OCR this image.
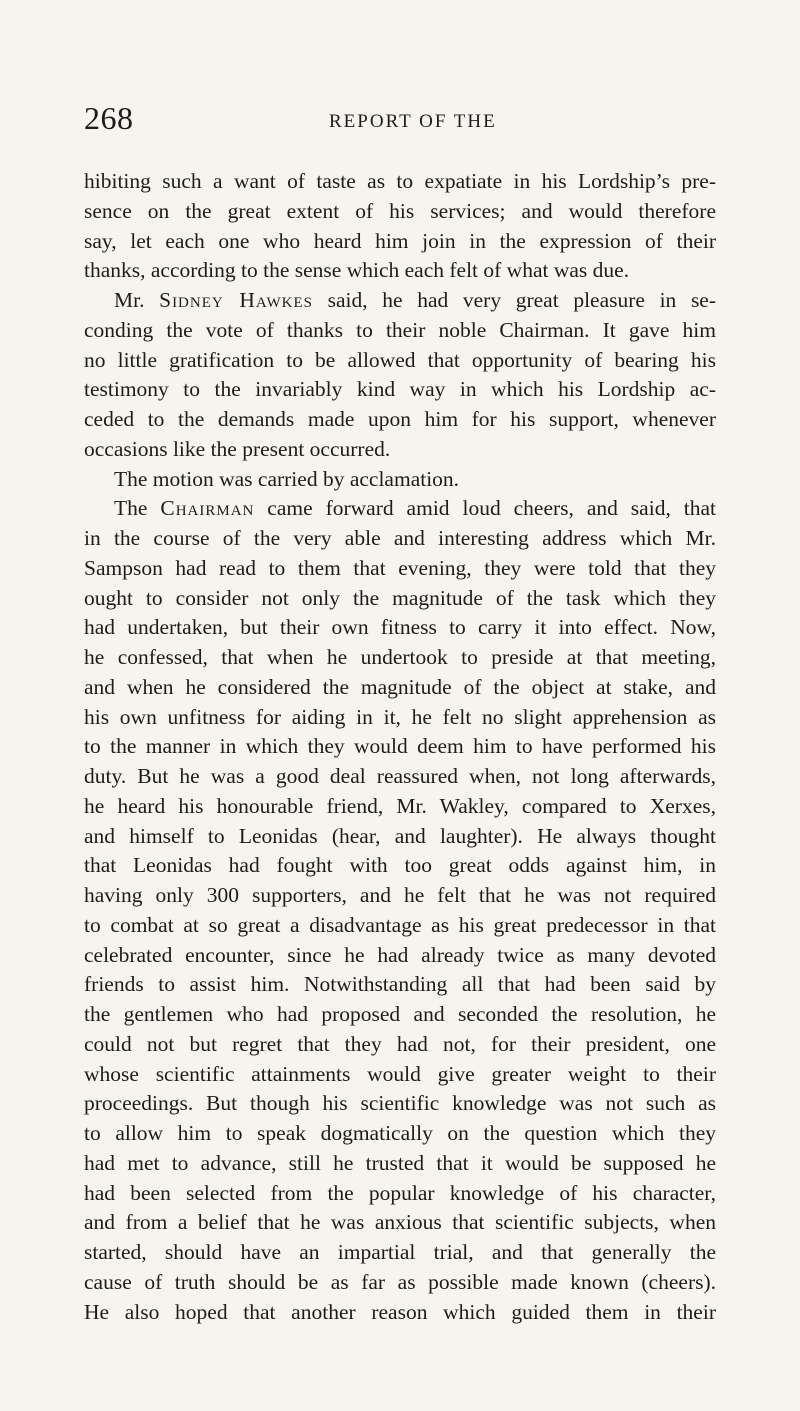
268	REPORT OF THE
hibiting such a want of taste as to expatiate in his Lordship’s pre-
sence on the great extent of his services; and would therefore
say, let each one who heard him join in the expression of their
thanks, according to the sense which each felt of what was due.
Mr. Sidney Hawkes said, he had very great pleasure in se-
conding the vote of thanks to their noble Chairman. It gave him
no little gratification to be allowed that opportunity of bearing his
testimony to the invariably kind way in which his Lordship ac-
ceded to the demands made upon him for his support, whenever
occasions like the present occurred.
The motion was carried by acclamation.
The Chairman came forward amid loud cheers, and said, that
in the course of the very able and interesting address which Mr.
Sampson had read to them that evening, they were told that they
ought to consider not only the magnitude of the task which they
had undertaken, but their own fitness to carry it into effect. Now,
he confessed, that when he undertook to preside at that meeting,
and when he considered the magnitude of the object at stake, and
his own unfitness for aiding in it, he felt no slight apprehension as
to the manner in which they would deem him to have performed his
duty. But he was a good deal reassured when, not long afterwards,
he heard his honourable friend, Mr. Wakley, compared to Xerxes,
and himself to Leonidas (hear, and laughter). He always thought
that Leonidas had fought with too great odds against him, in
having only 300 supporters, and he felt that he was not required
to combat at so great a disadvantage as his great predecessor in that
celebrated encounter, since he had already twice as many devoted
friends to assist him. Notwithstanding all that had been said by
the gentlemen who had proposed and seconded the resolution, he
could not but regret that they had not, for their president, one
whose scientific attainments would give greater weight to their
proceedings. But though his scientific knowledge was not such as
to allow him to speak dogmatically on the question which they
had met to advance, still he trusted that it would be supposed he
had been selected from the popular knowledge of his character,
and from a belief that he was anxious that scientific subjects, when
started, should have an impartial trial, and that generally the
cause of truth should be as far as possible made known (cheers).
He also hoped that another reason which guided them in their
